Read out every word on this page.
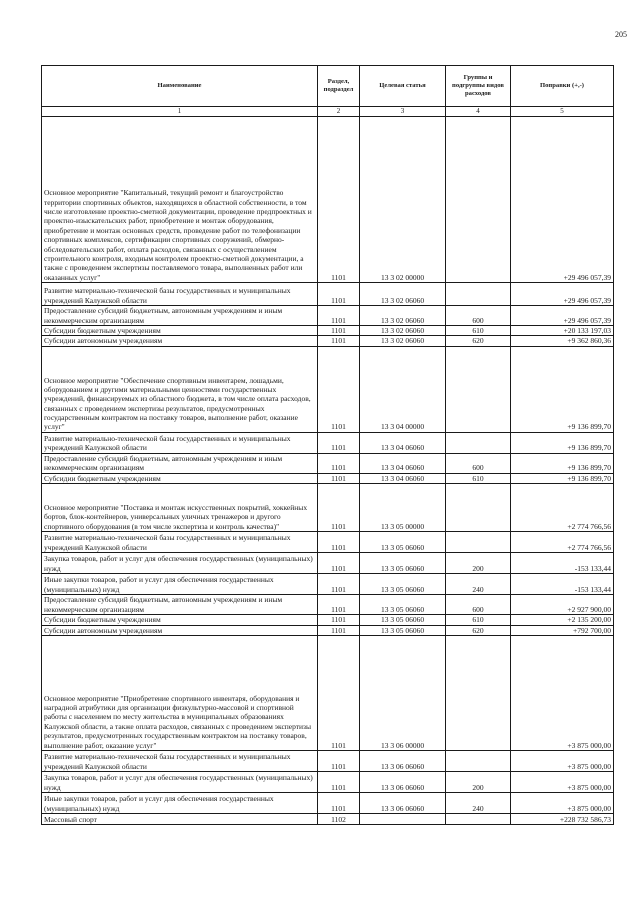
205
Наименование	Раздел, подраздел	Целевая статья	Группы и подгруппы видов расходов	Поправки (+,-)
1	2	3	4	5
Основное мероприятие "Капитальный, текущий ремонт и благоустройство территории спортивных объектов, находящихся в областной собственности, в том числе изготовление проектно-сметной документации, проведение предпроектных и проектно-изыскательских работ, приобретение и монтаж оборудования, приобретение и монтаж основных средств, проведение работ по телефонизации спортивных комплексов, сертификации спортивных сооружений, обмерно-обследовательских работ, оплата расходов, связанных с осуществлением строительного контроля, входным контролем проектно-сметной документации, а также с проведением экспертизы поставляемого товара, выполненных работ или оказанных услуг"	1101	13 3 02 00000		+29 496 057,39
Развитие материально-технической базы государственных и муниципальных учреждений Калужской области	1101	13 3 02 06060		+29 496 057,39
Предоставление субсидий бюджетным, автономным учреждениям и иным некоммерческим организациям	1101	13 3 02 06060	600	+29 496 057,39
Субсидии бюджетным учреждениям	1101	13 3 02 06060	610	+20 133 197,03
Субсидии автономным учреждениям	1101	13 3 02 06060	620	+9 362 860,36
Основное мероприятие "Обеспечение спортивным инвентарем, лошадьми, оборудованием и другими материальными ценностями государственных учреждений, финансируемых из областного бюджета, в том числе оплата расходов, связанных с проведением экспертизы результатов, предусмотренных государственным контрактом на поставку товаров, выполнение работ, оказание услуг"	1101	13 3 04 00000		+9 136 899,70
Развитие материально-технической базы государственных и муниципальных учреждений Калужской области	1101	13 3 04 06060		+9 136 899,70
Предоставление субсидий бюджетным, автономным учреждениям и иным некоммерческим организациям	1101	13 3 04 06060	600	+9 136 899,70
Субсидии бюджетным учреждениям	1101	13 3 04 06060	610	+9 136 899,70
Основное мероприятие "Поставка и монтаж искусственных покрытий, хоккейных бортов, блок-контейнеров, универсальных уличных тренажеров и другого спортивного оборудования (в том числе экспертиза и контроль качества)"	1101	13 3 05 00000		+2 774 766,56
Развитие материально-технической базы государственных и муниципальных учреждений Калужской области	1101	13 3 05 06060		+2 774 766,56
Закупка товаров, работ и услуг для обеспечения государственных (муниципальных) нужд	1101	13 3 05 06060	200	-153 133,44
Иные закупки товаров, работ и услуг для обеспечения государственных (муниципальных) нужд	1101	13 3 05 06060	240	-153 133,44
Предоставление субсидий бюджетным, автономным учреждениям и иным некоммерческим организациям	1101	13 3 05 06060	600	+2 927 900,00
Субсидии бюджетным учреждениям	1101	13 3 05 06060	610	+2 135 200,00
Субсидии автономным учреждениям	1101	13 3 05 06060	620	+792 700,00
Основное мероприятие "Приобретение спортивного инвентаря, оборудования и наградной атрибутики для организации физкультурно-массовой и спортивной работы с населением по месту жительства в муниципальных образованиях Калужской области, а также оплата расходов, связанных с проведением экспертизы результатов, предусмотренных государственным контрактом на поставку товаров, выполнение работ, оказание услуг"	1101	13 3 06 00000		+3 875 000,00
Развитие материально-технической базы государственных и муниципальных учреждений Калужской области	1101	13 3 06 06060		+3 875 000,00
Закупка товаров, работ и услуг для обеспечения государственных (муниципальных) нужд	1101	13 3 06 06060	200	+3 875 000,00
Иные закупки товаров, работ и услуг для обеспечения государственных (муниципальных) нужд	1101	13 3 06 06060	240	+3 875 000,00
Массовый спорт	1102			+228 732 586,73
